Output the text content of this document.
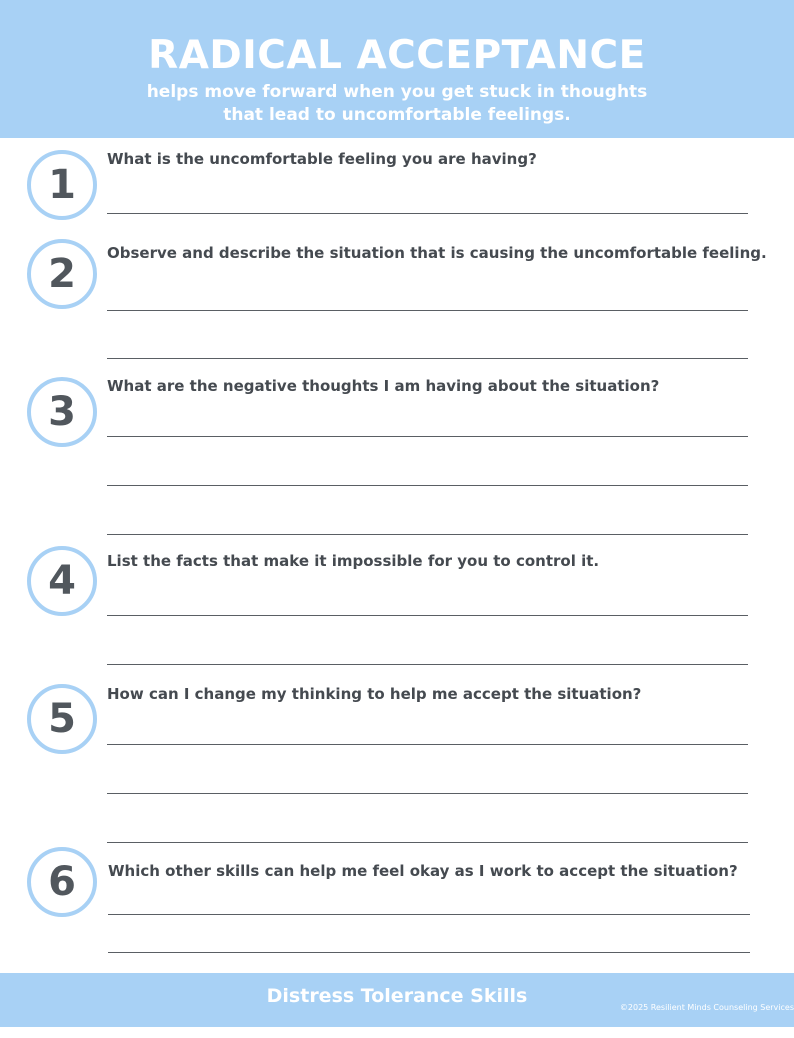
RADICAL ACCEPTANCE
helps move forward when you get stuck in thoughts
that lead to uncomfortable feelings.
1
What is the uncomfortable feeling you are having?
2	Observe and describe the situation that is causing the uncomfortable feeling.
3
What are the negative thoughts I am having about the situation?
4	List the facts that make it impossible for you to control it.
5
How can I change my thinking to help me accept the situation?
6	Which other skills can help me feel okay as I work to accept the situation?
Distress Tolerance Skills
©2025 Resilient Minds Counseling Services
